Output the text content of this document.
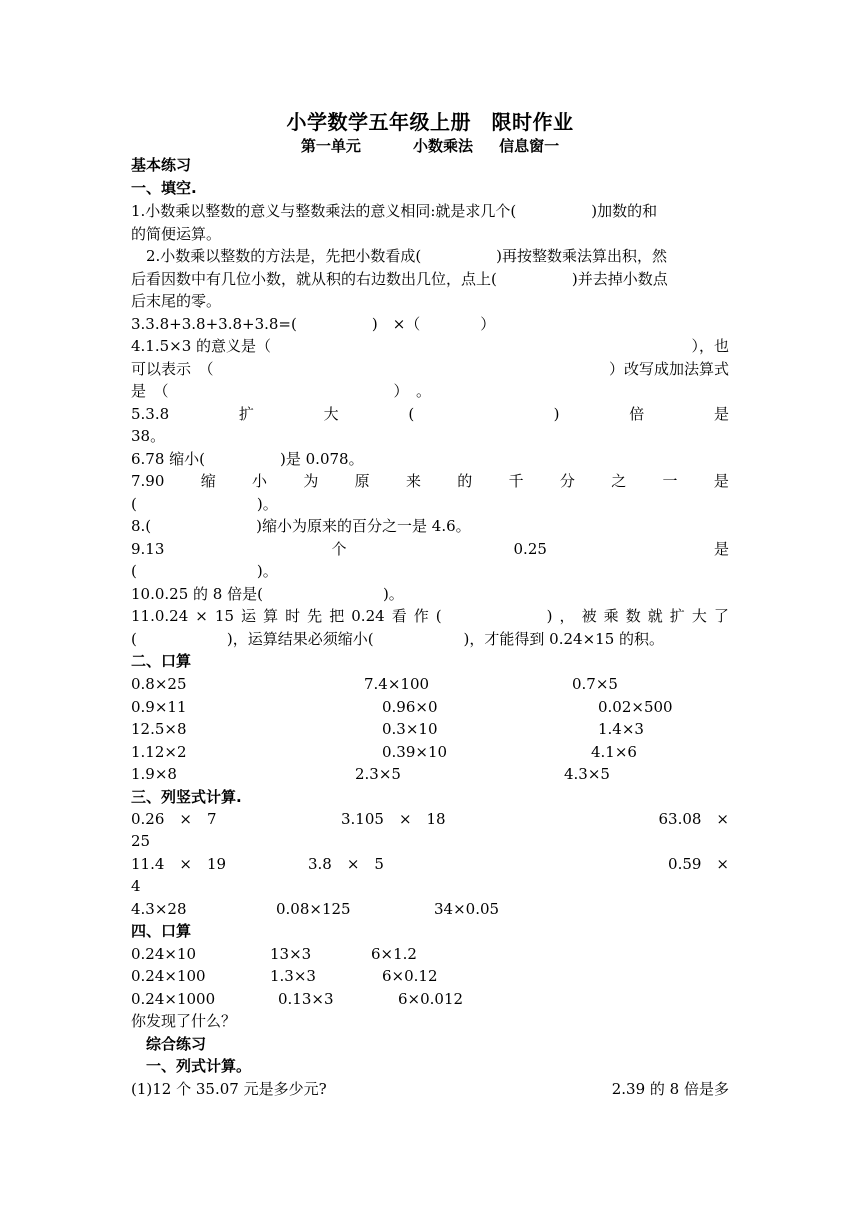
小学数学五年级上册　限时作业
第一单元          小数乘法     信息窗一
基本练习
一、填空.
1.小数乘以整数的意义与整数乘法的意义相同:就是求几个(　　　　　)加数的和
的简便运算。
　2.小数乘以整数的方法是，先把小数看成(　　　　　)再按整数乘法算出积，然
后看因数中有几位小数，就从积的右边数出几位，点上(　　　　　)并去掉小数点
后末尾的零。
3.3.8+3.8+3.8+3.8=(　　　　　)　×（　　　　）
4.1.5×3 的意义是（	），也
可以表示　（	）改写成加法算式
是　（　　　　　　　　　　　　　　　）　。
5.3.8	扩	大	(	)	倍	是
38。
6.78 缩小(　　　　　)是 0.078。
7.90 缩 小 为 原 来 的 千 分 之 一 是
(　　　　　　　　)。
8.(　　　　　　　)缩小为原来的百分之一是 4.6。
9.13	个	0.25	是
(　　　　　　　　)。
10.0.25 的 8 倍是(　　　　　　　　)。
11.0.24 × 15 运 算 时 先 把 0.24 看 作 (　　　　　　　) ， 被 乘 数 就 扩 大 了
(　　　　　　)，运算结果必须缩小(　　　　　　)，才能得到 0.24×15 的积。
二、口算
0.8×25	7.4×100	0.7×5
0.9×11	0.96×0	0.02×500
12.5×8	0.3×10	1.4×3
1.12×2	0.39×10	4.1×6
1.9×8	2.3×5	4.3×5
三、列竖式计算.
0.26　×　7	3.105　×　18	63.08　×
25
11.4　×　19	3.8　×　5	0.59　×
4
4.3×28	0.08×125	34×0.05
四、口算
0.24×10	13×3	6×1.2
0.24×100	1.3×3	6×0.12
0.24×1000	0.13×3	6×0.012
你发现了什么？
　综合练习
　一、列式计算。
(1)12 个 35.07 元是多少元?	2.39 的 8 倍是多
